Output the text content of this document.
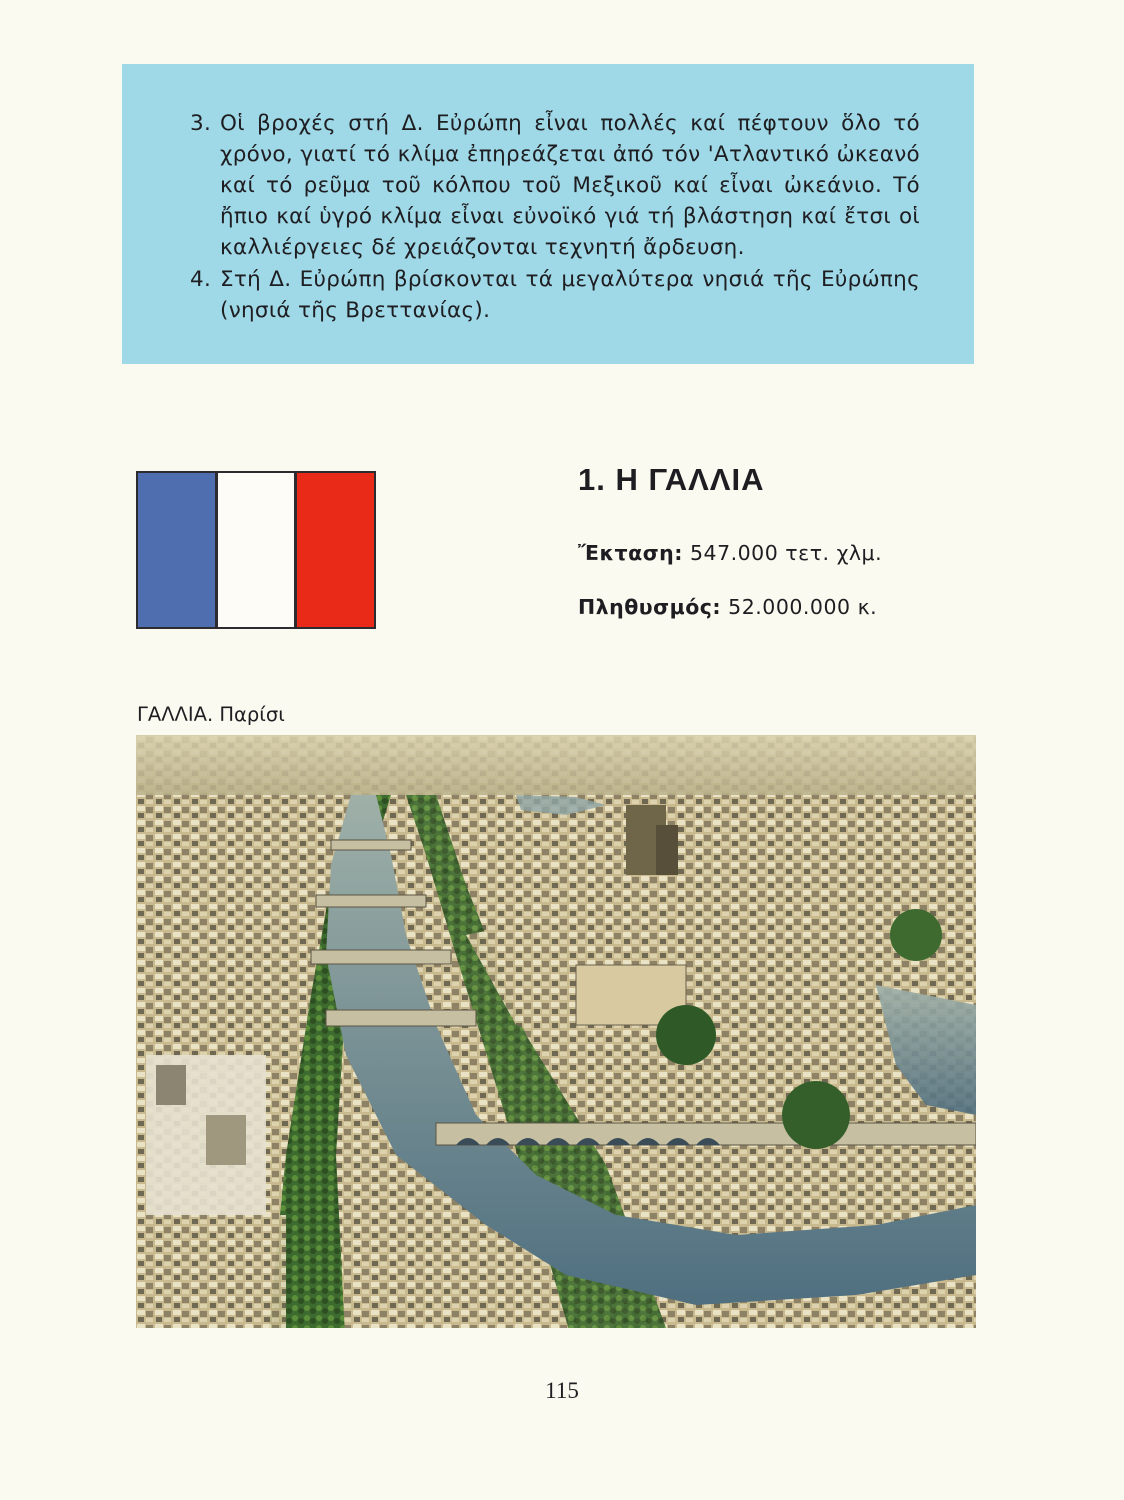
3. Οἱ βροχές στή Δ. Εὐρώπη εἶναι πολλές καί πέφτουν ὅλο τό χρόνο, γιατί τό κλίμα ἐπηρεάζεται ἀπό τόν 'Ατλαντικό ὠκεανό καί τό ρεῦμα τοῦ κόλπου τοῦ Μεξικοῦ καί εἶναι ὠκεάνιο. Τό ἤπιο καί ὑγρό κλίμα εἶναι εὐνοϊκό γιά τή βλάστηση καί ἔτσι οἱ καλλιέργειες δέ χρειάζονται τεχνητή ἄρδευση.
4. Στή Δ. Εὐρώπη βρίσκονται τά μεγαλύτερα νησιά τῆς Εὐρώπης (νησιά τῆς Βρεττανίας).
1. Η ΓΑΛΛΙΑ
Ἔκταση: 547.000 τετ. χλμ.
Πληθυσμός: 52.000.000 κ.
ΓΑΛΛΙΑ. Παρίσι
115
